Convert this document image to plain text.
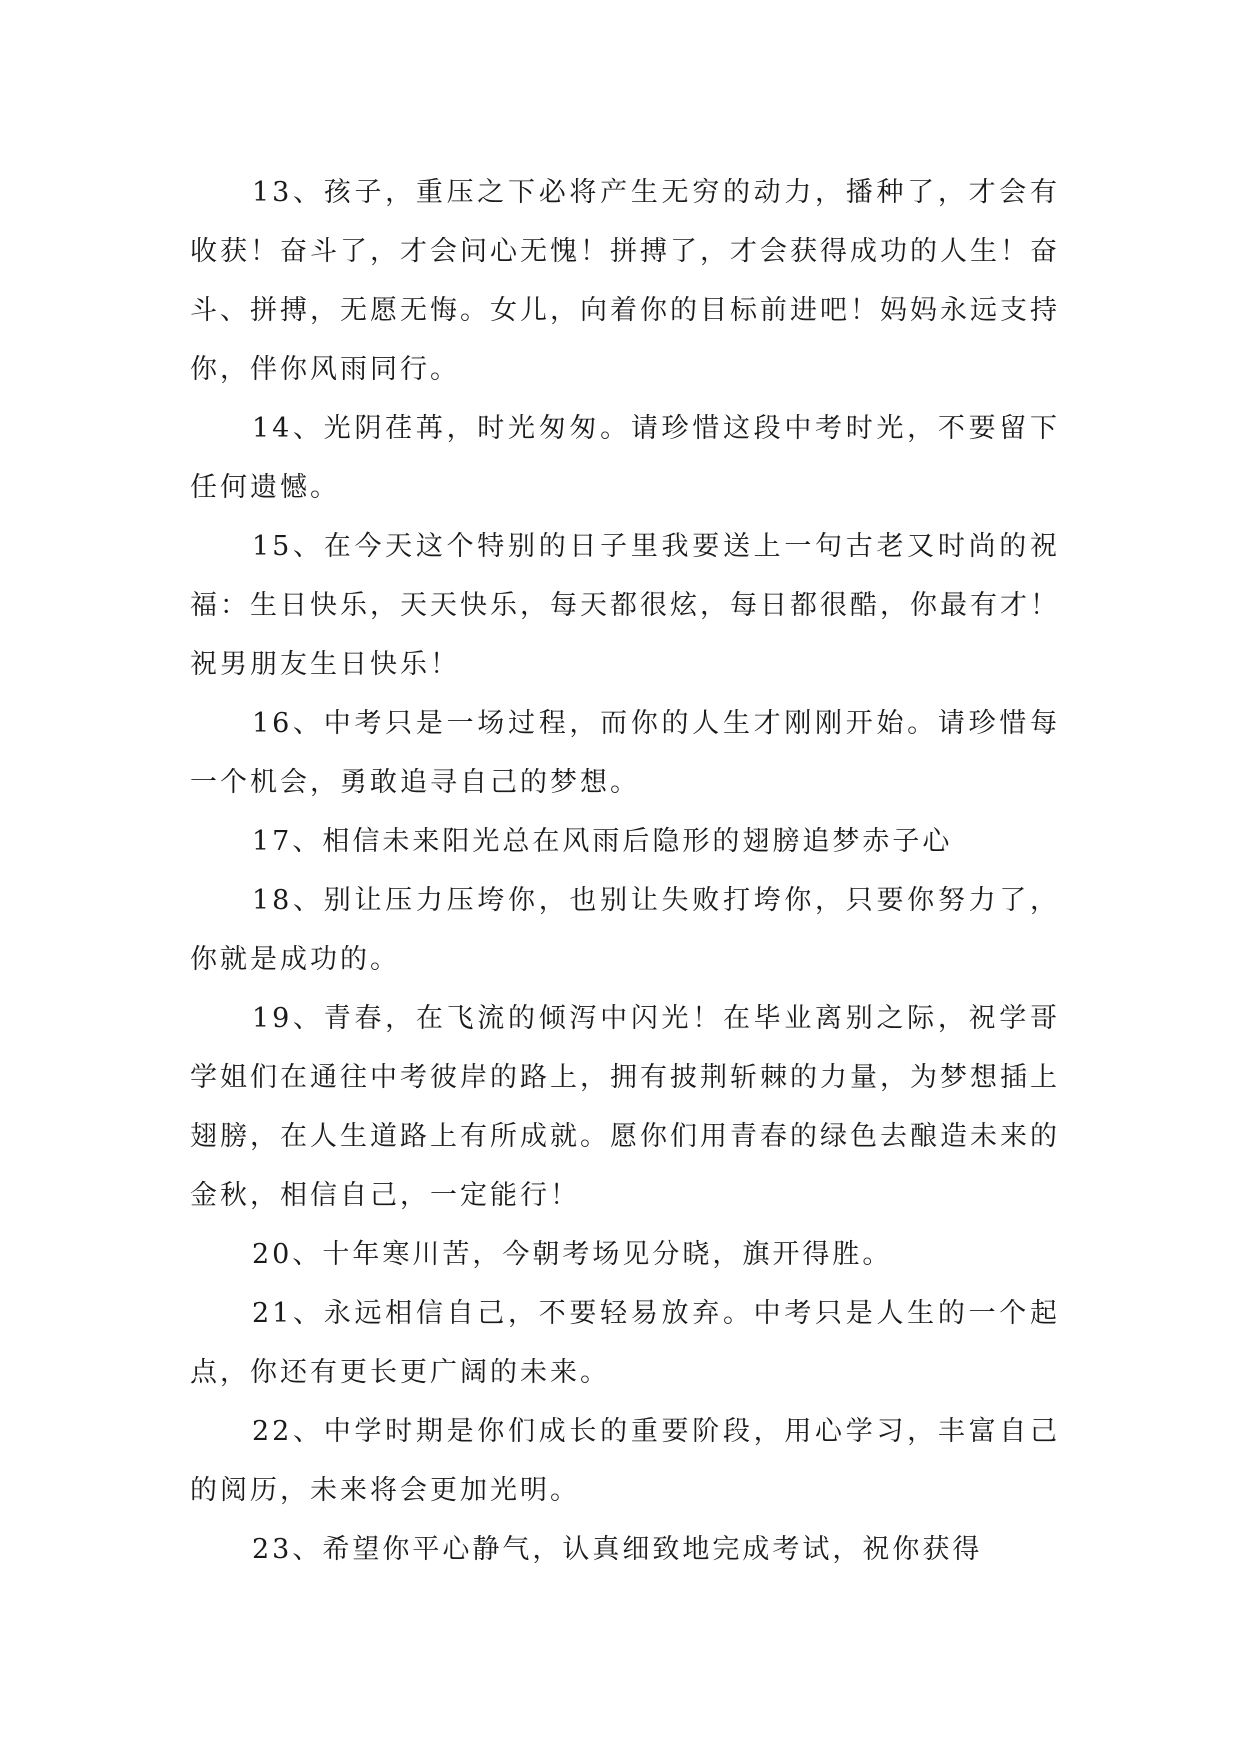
13、孩子，重压之下必将产生无穷的动力，播种了，才会有收获！奋斗了，才会问心无愧！拼搏了，才会获得成功的人生！奋斗、拼搏，无愿无悔。女儿，向着你的目标前进吧！妈妈永远支持你，伴你风雨同行。

14、光阴荏苒，时光匆匆。请珍惜这段中考时光，不要留下任何遗憾。

15、在今天这个特别的日子里我要送上一句古老又时尚的祝福：生日快乐，天天快乐，每天都很炫，每日都很酷，你最有才！祝男朋友生日快乐！

16、中考只是一场过程，而你的人生才刚刚开始。请珍惜每一个机会，勇敢追寻自己的梦想。

17、相信未来阳光总在风雨后隐形的翅膀追梦赤子心

18、别让压力压垮你，也别让失败打垮你，只要你努力了，你就是成功的。

19、青春，在飞流的倾泻中闪光！在毕业离别之际，祝学哥学姐们在通往中考彼岸的路上，拥有披荆斩棘的力量，为梦想插上翅膀，在人生道路上有所成就。愿你们用青春的绿色去酿造未来的金秋，相信自己，一定能行！

20、十年寒川苦，今朝考场见分晓，旗开得胜。

21、永远相信自己，不要轻易放弃。中考只是人生的一个起点，你还有更长更广阔的未来。

22、中学时期是你们成长的重要阶段，用心学习，丰富自己的阅历，未来将会更加光明。

23、希望你平心静气，认真细致地完成考试，祝你获得
